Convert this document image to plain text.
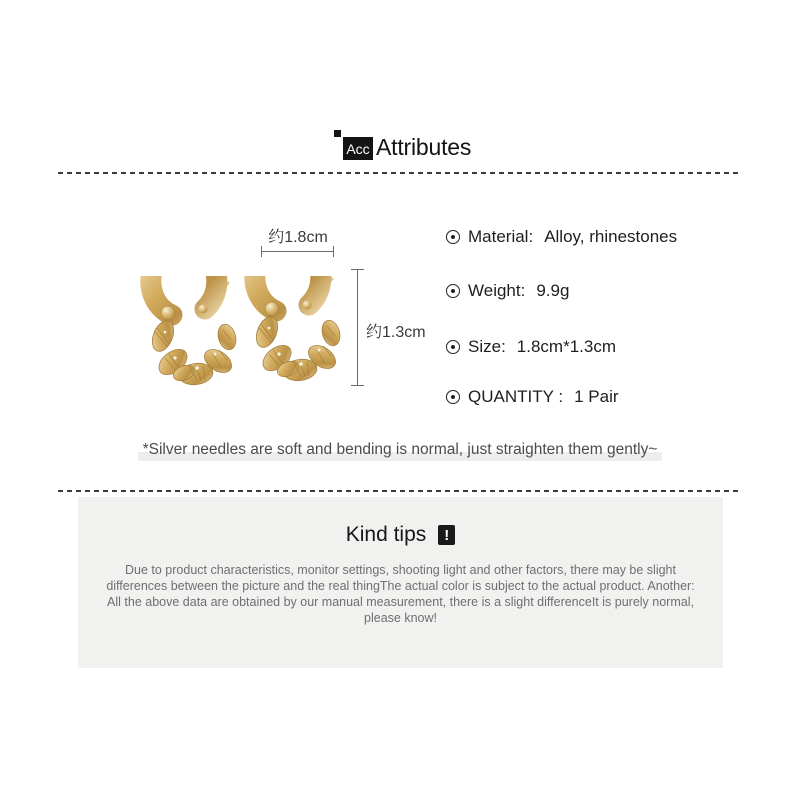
Acc Attributes
约1.8cm
约1.3cm
Material: Alloy, rhinestones
Weight: 9.9g
Size: 1.8cm*1.3cm
QUANTITY : 1 Pair
*Silver needles are soft and bending is normal, just straighten them gently~
Kind tips	!
Due to product characteristics, monitor settings, shooting light and other factors, there may be slight differences between the picture and the real thingThe actual color is subject to the actual product. Another: All the above data are obtained by our manual measurement, there is a slight differenceIt is purely normal, please know!
